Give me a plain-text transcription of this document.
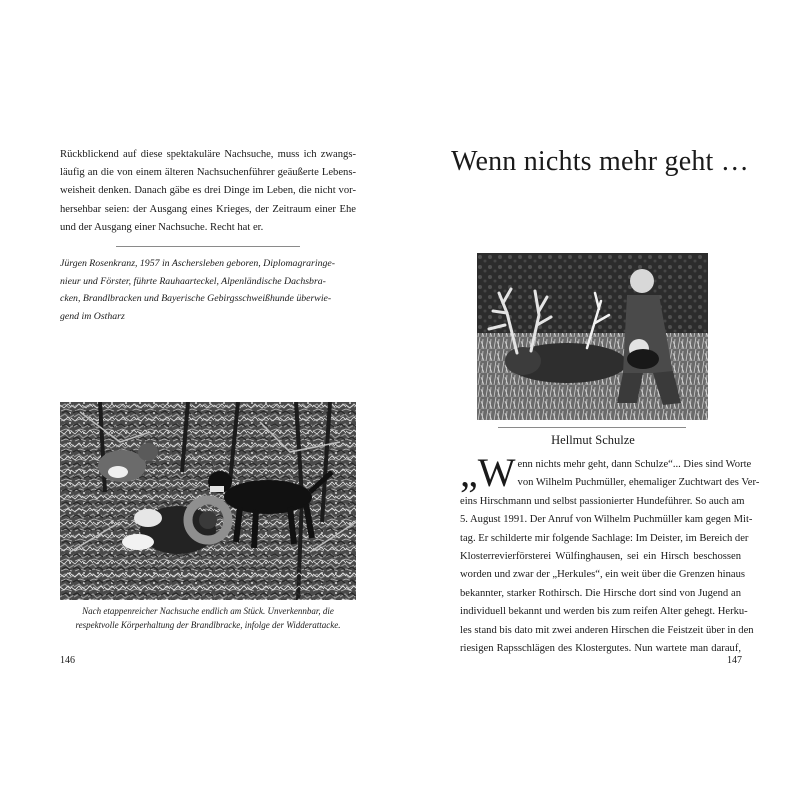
Rückblickend auf diese spektakuläre Nachsuche, muss ich zwangs-
läufig an die von einem älteren Nachsuchenführer geäußerte Lebens-
weisheit denken. Danach gäbe es drei Dinge im Leben, die nicht vor-
hersehbar seien: der Ausgang eines Krieges, der Zeitraum einer Ehe
und der Ausgang einer Nachsuche. Recht hat er.
Jürgen Rosenkranz, 1957 in Aschersleben geboren, Diplomagraringe-
nieur und Förster, führte Rauhaarteckel, Alpenländische Dachsbra-
cken, Brandlbracken und Bayerische Gebirgsschweißhunde überwie-
gend im Ostharz
Nach etappenreicher Nachsuche endlich am Stück. Unverkennbar, die
respektvolle Körperhaltung der Brandlbracke, infolge der Widderattacke.
146
Wenn nichts mehr geht …
Hellmut Schulze
„W enn nichts mehr geht, dann Schulze“... Dies sind Worte
von Wilhelm Puchmüller, ehemaliger Zuchtwart des Ver-
eins Hirschmann und selbst passionierter Hundeführer. So auch am
5. August 1991. Der Anruf von Wilhelm Puchmüller kam gegen Mit-
tag. Er schilderte mir folgende Sachlage: Im Deister, im Bereich der
Klosterrevierförsterei Wülfinghausen, sei ein Hirsch beschossen
worden und zwar der „Herkules“, ein weit über die Grenzen hinaus
bekannter, starker Rothirsch. Die Hirsche dort sind von Jugend an
individuell bekannt und werden bis zum reifen Alter gehegt. Herku-
les stand bis dato mit zwei anderen Hirschen die Feistzeit über in den
riesigen Rapsschlägen des Klostergutes. Nun wartete man darauf,
147
